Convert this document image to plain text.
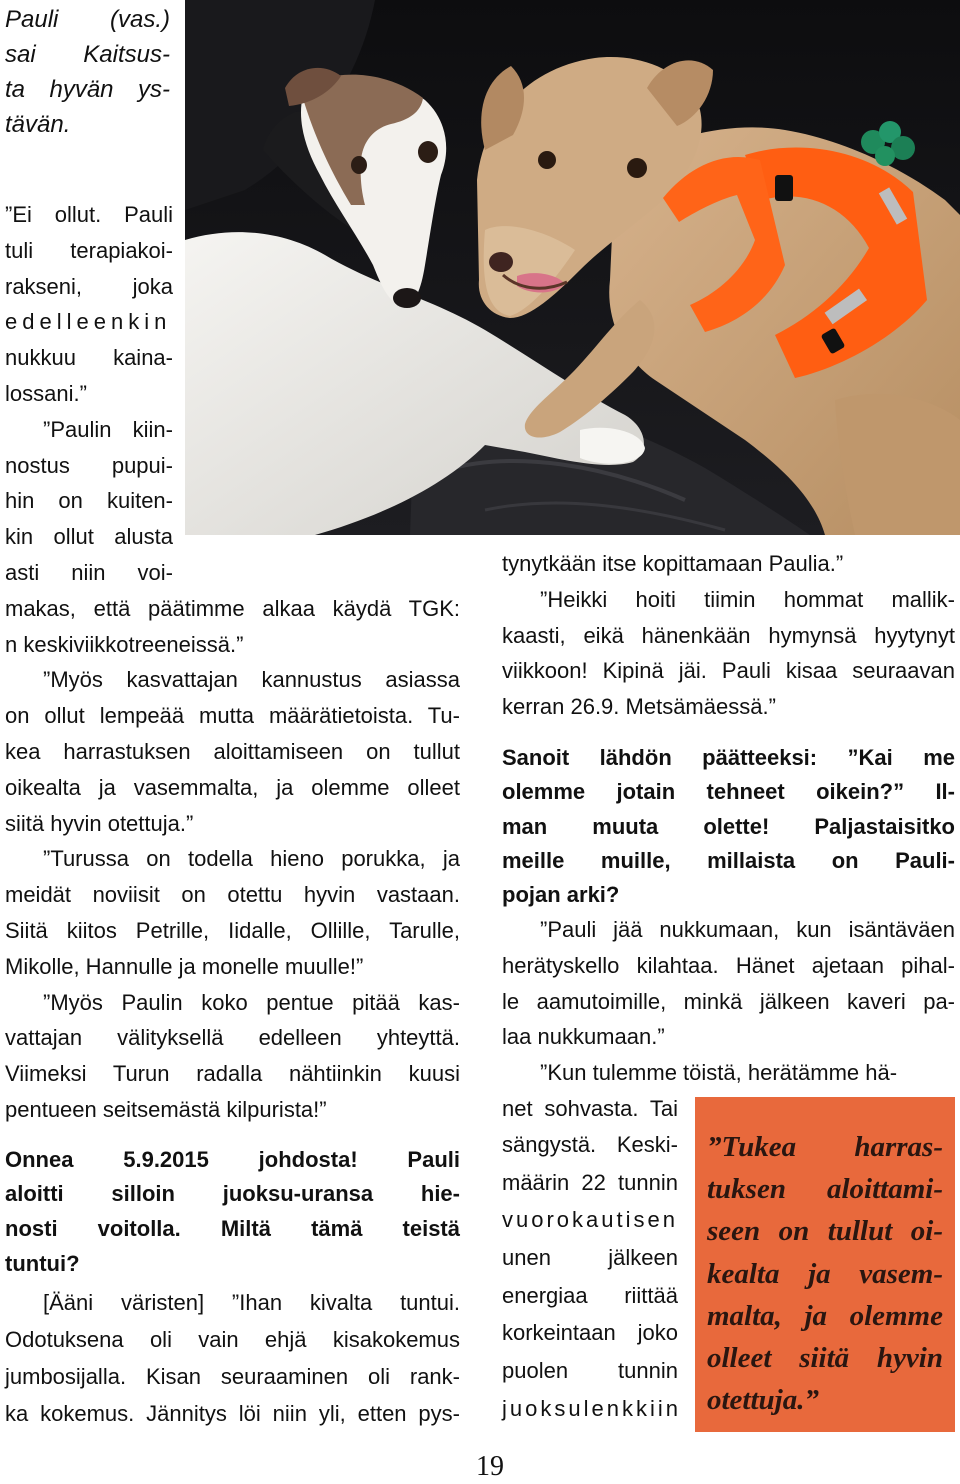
Pauli (vas.)
sai Kaitsus-
ta hyvän ys-
tävän.
”Ei ollut. Pauli
tuli terapiakoi-
rakseni, joka
edelleenkin
nukkuu kaina-
lossani.”
”Paulin kiin-
nostus pupui-
hin on kuiten-
kin ollut alusta
asti niin voi-
makas, että päätimme alkaa käydä TGK:
n keskiviikkotreeneissä.”
”Myös kasvattajan kannustus asiassa
on ollut lempeää mutta määrätietoista. Tu-
kea harrastuksen aloittamiseen on tullut
oikealta ja vasemmalta, ja olemme olleet
siitä hyvin otettuja.”
”Turussa on todella hieno porukka, ja
meidät noviisit on otettu hyvin vastaan.
Siitä kiitos Petrille, Iidalle, Ollille, Tarulle,
Mikolle, Hannulle ja monelle muulle!”
”Myös Paulin koko pentue pitää kas-
vattajan välityksellä edelleen yhteyttä.
Viimeksi Turun radalla nähtiinkin kuusi
pentueen seitsemästä kilpurista!”
Onnea 5.9.2015 johdosta! Pauli
aloitti silloin juoksu-uransa hie-
nosti voitolla. Miltä tämä teistä
tuntui?
[Ääni väristen] ”Ihan kivalta tuntui.
Odotuksena oli vain ehjä kisakokemus
jumbosijalla. Kisan seuraaminen oli rank-
ka kokemus. Jännitys löi niin yli, etten pys-
tynytkään itse kopittamaan Paulia.”
”Heikki hoiti tiimin hommat mallik-
kaasti, eikä hänenkään hymynsä hyytynyt
viikkoon! Kipinä jäi. Pauli kisaa seuraavan
kerran 26.9. Metsämäessä.”
Sanoit lähdön päätteeksi: ”Kai me
olemme jotain tehneet oikein?” Il-
man muuta olette! Paljastaisitko
meille muille, millaista on Pauli-
pojan arki?
”Pauli jää nukkumaan, kun isäntäväen
herätyskello kilahtaa. Hänet ajetaan pihal-
le aamutoimille, minkä jälkeen kaveri pa-
laa nukkumaan.”
”Kun tulemme töistä, herätämme hä-
net sohvasta. Tai
sängystä. Keski-
määrin 22 tunnin
vuorokautisen
unen jälkeen
energiaa riittää
korkeintaan joko
puolen tunnin
juoksulenkkiin
”Tukea harras-
tuksen aloittami-
seen on tullut oi-
kealta ja vasem-
malta, ja olemme
olleet siitä hyvin
otettuja.”
19
